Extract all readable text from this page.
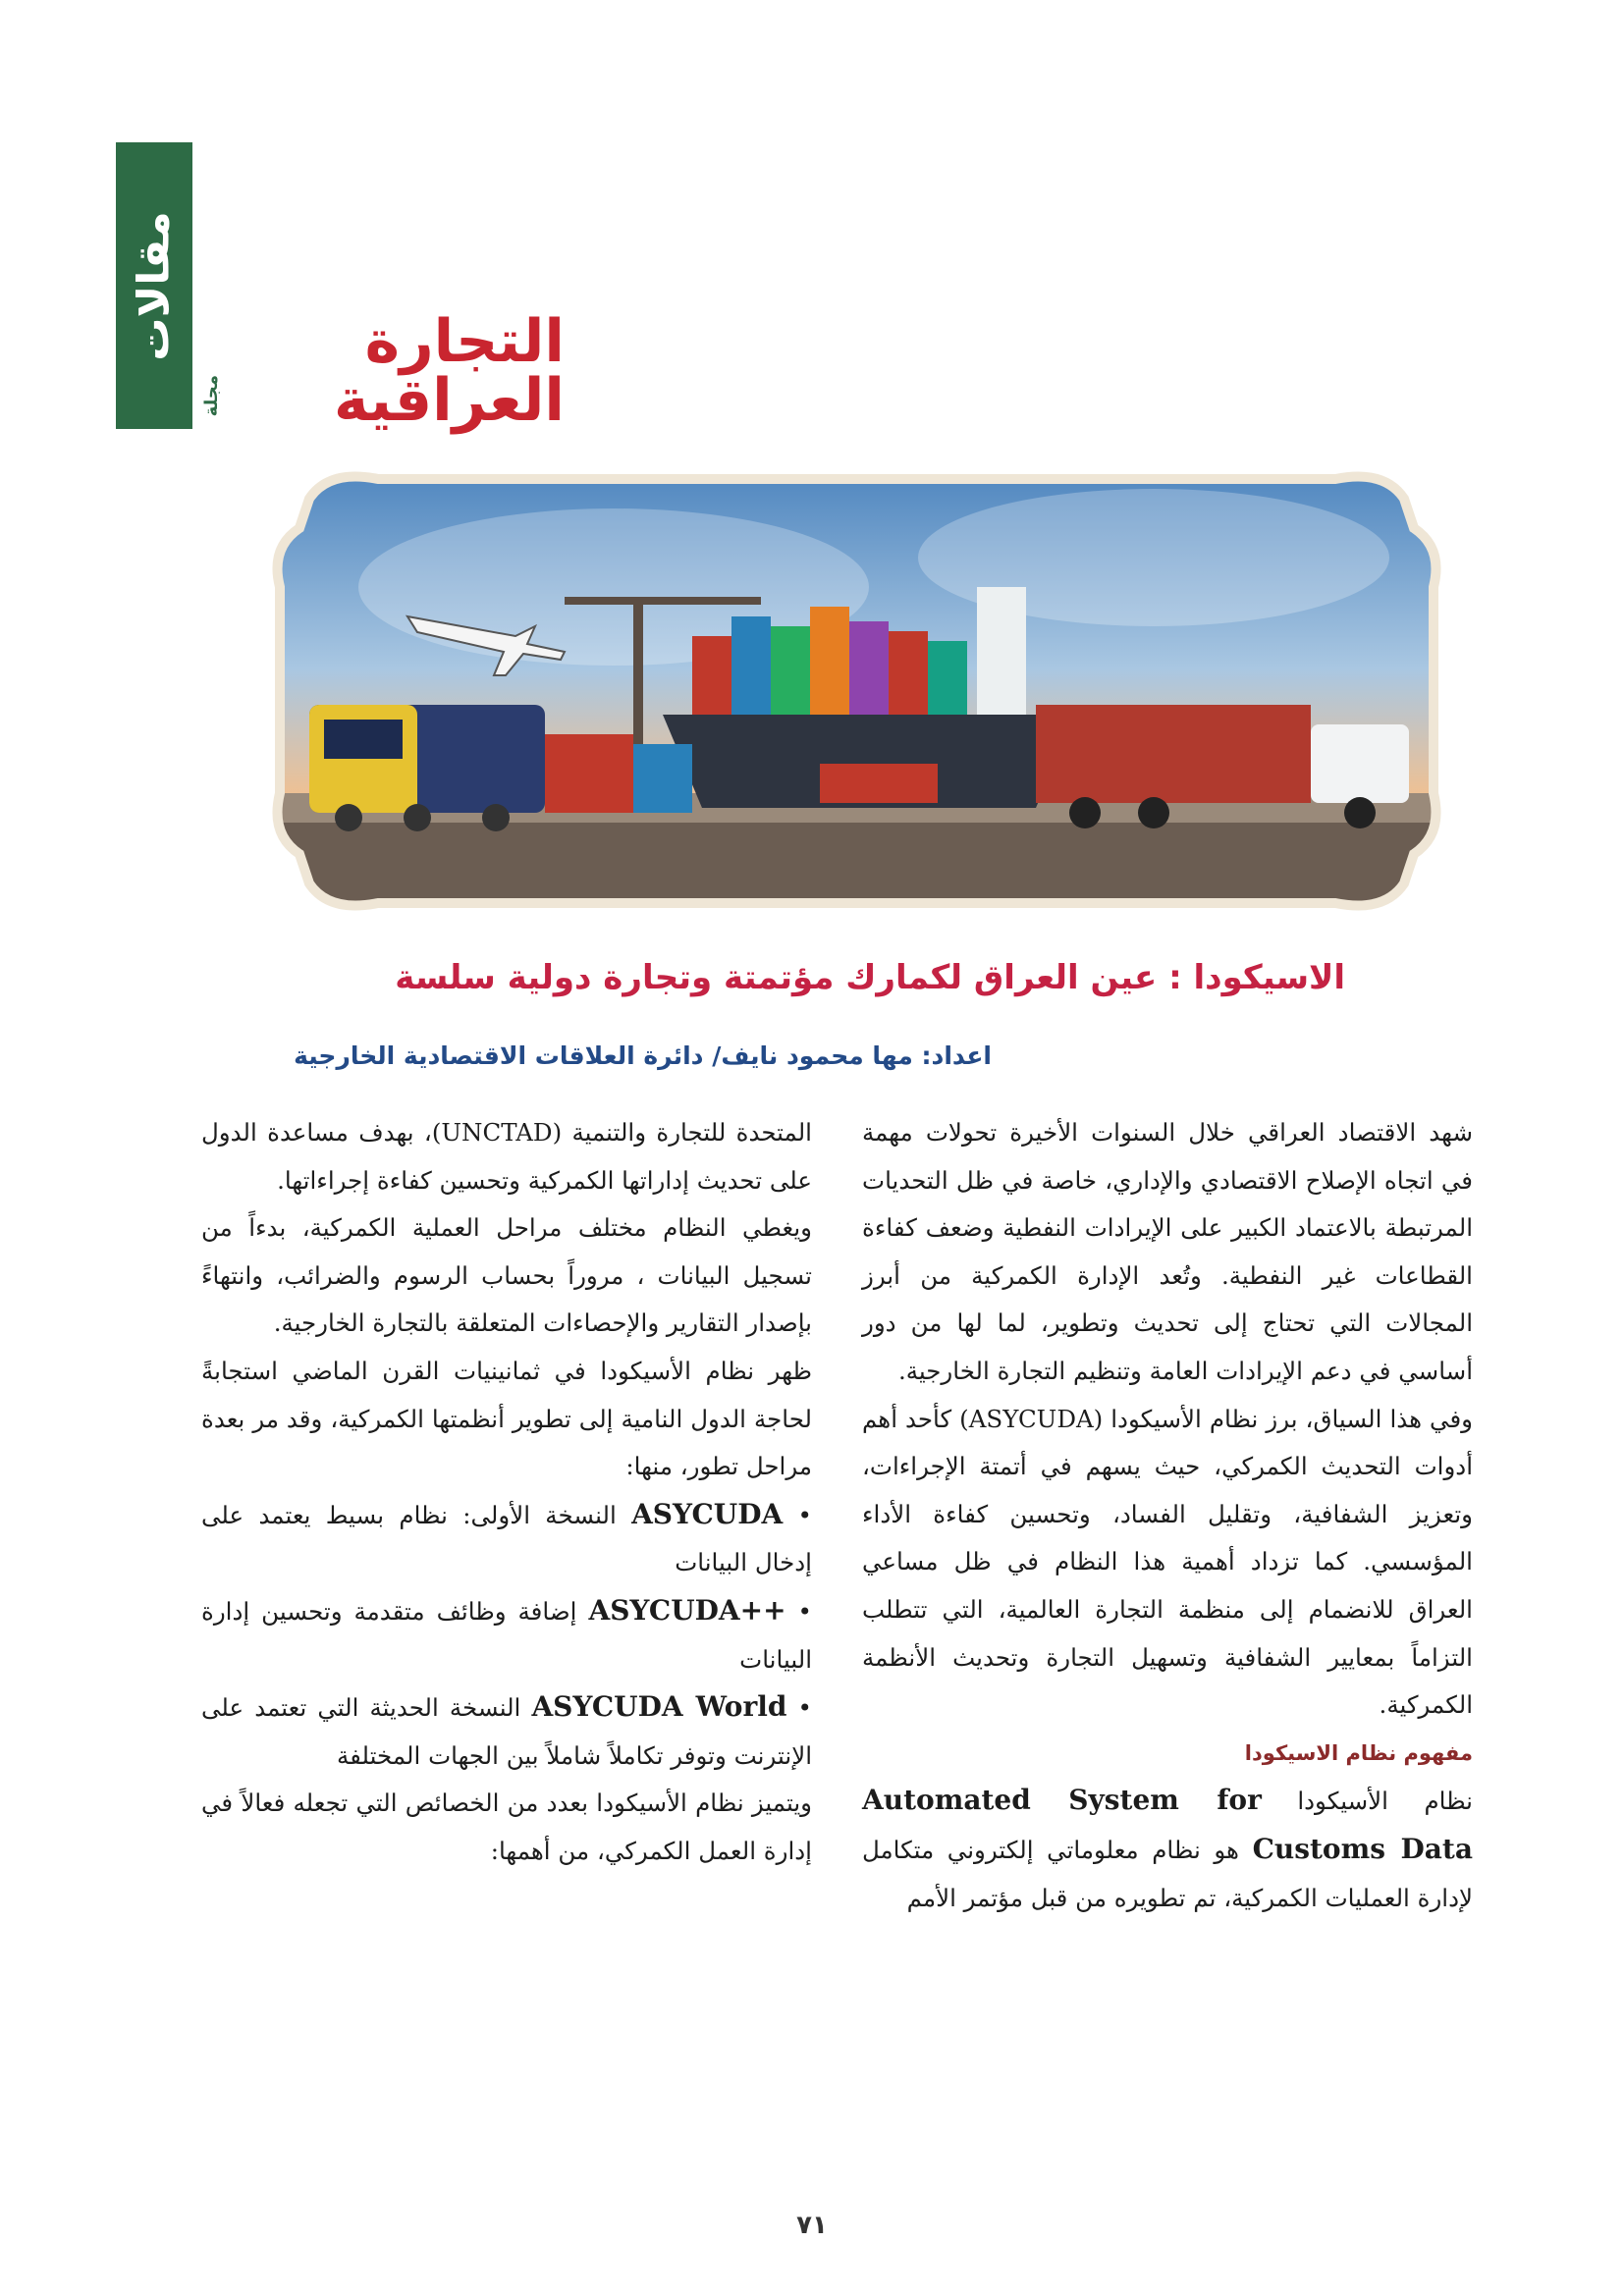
مقالات	التجارة العراقية
مجلة
الاسيكودا : عين العراق لكمارك مؤتمتة وتجارة دولية سلسة
اعداد: مها محمود نايف/ دائرة العلاقات الاقتصادية الخارجية

شهد الاقتصاد العراقي خلال السنوات الأخيرة تحولات مهمة في اتجاه الإصلاح الاقتصادي والإداري، خاصة في ظل التحديات المرتبطة بالاعتماد الكبير على الإيرادات النفطية وضعف كفاءة القطاعات غير النفطية. وتُعد الإدارة الكمركية من أبرز المجالات التي تحتاج إلى تحديث وتطوير، لما لها من دور أساسي في دعم الإيرادات العامة وتنظيم التجارة الخارجية.

وفي هذا السياق، برز نظام الأسيكودا (ASYCUDA) كأحد أهم أدوات التحديث الكمركي، حيث يسهم في أتمتة الإجراءات، وتعزيز الشفافية، وتقليل الفساد، وتحسين كفاءة الأداء المؤسسي. كما تزداد أهمية هذا النظام في ظل مساعي العراق للانضمام إلى منظمة التجارة العالمية، التي تتطلب التزاماً بمعايير الشفافية وتسهيل التجارة وتحديث الأنظمة الكمركية.

مفهوم نظام الاسيكودا

نظام الأسيكودا Automated System for Customs Data هو نظام معلوماتي إلكتروني متكامل لإدارة العمليات الكمركية، تم تطويره من قبل مؤتمر الأمم

المتحدة للتجارة والتنمية (UNCTAD)، بهدف مساعدة الدول على تحديث إداراتها الكمركية وتحسين كفاءة إجراءاتها.

ويغطي النظام مختلف مراحل العملية الكمركية، بدءاً من تسجيل البيانات ، مروراً بحساب الرسوم والضرائب، وانتهاءً بإصدار التقارير والإحصاءات المتعلقة بالتجارة الخارجية.

ظهر نظام الأسيكودا في ثمانينيات القرن الماضي استجابةً لحاجة الدول النامية إلى تطوير أنظمتها الكمركية، وقد مر بعدة مراحل تطور، منها:

• ASYCUDA النسخة الأولى: نظام بسيط يعتمد على إدخال البيانات

• ASYCUDA++ إضافة وظائف متقدمة وتحسين إدارة البيانات

• ASYCUDA World النسخة الحديثة التي تعتمد على الإنترنت وتوفر تكاملاً شاملاً بين الجهات المختلفة

ويتميز نظام الأسيكودا بعدد من الخصائص التي تجعله فعالاً في إدارة العمل الكمركي، من أهمها:

٧١
